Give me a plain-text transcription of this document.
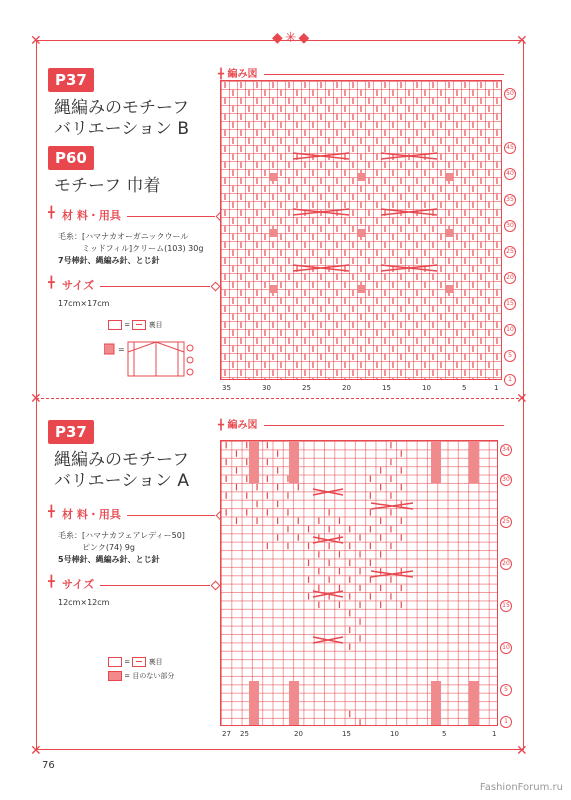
✕	✕
✕	✕
✕	✕
◆✳◆
P37
縄編みのモチーフ
バリエーション B
P60
モチーフ 巾着
╋ 材 料・用具
毛糸：[ハマナカオーガニックウール
ミッドフィル]クリーム(103) 30g
7号棒針、縄編み針、とじ針
╋ サイズ
17cm×17cm
=  裏目
=
╋ 編み図
35	30	25	20	15	10	5	1
1
5
10
15
20
25
30
35
40
45
50
P37
縄編みのモチーフ
バリエーション A
╋ 材 料・用具
毛糸：[ハマナカフェアレディー50]
ピンク(74) 9g
5号棒針、縄編み針、とじ針
╋ サイズ
12cm×12cm
=  裏目
= 目のない部分
╋ 編み図
27 25	20	15	10	5	1
1
5
10
15
20
25
30
34
76
FashionForum.ru
